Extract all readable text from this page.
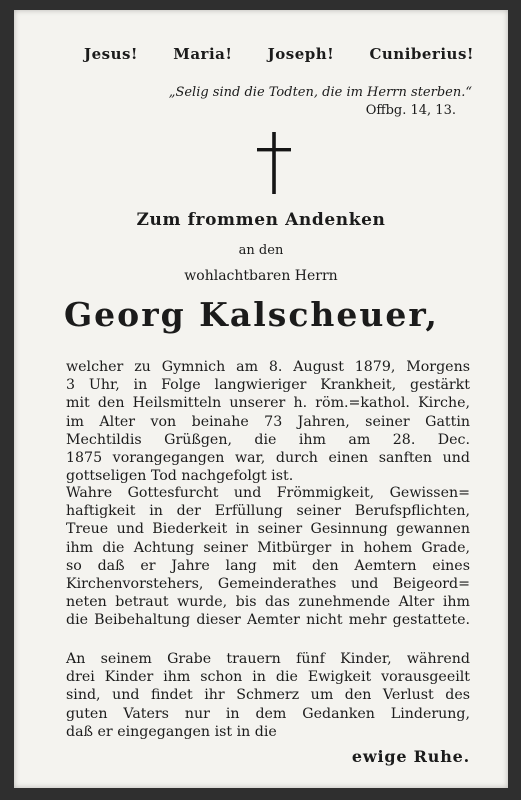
Jesus! Maria! Joseph! Cuniberius!
„Selig sind die Todten, die im Herrn sterben.“
Offbg. 14, 13.
Zum frommen Andenken
an den
wohlachtbaren Herrn
Georg Kalscheuer,
welcher zu Gymnich am 8. August 1879, Morgens
3 Uhr, in Folge langwieriger Krankheit, gestärkt
mit den Heilsmitteln unserer h. röm.=kathol. Kirche,
im Alter von beinahe 73 Jahren, seiner Gattin
Mechtildis Grüßgen, die ihm am 28. Dec.
1875 vorangegangen war, durch einen sanften und
gottseligen Tod nachgefolgt ist.
Wahre Gottesfurcht und Frömmigkeit, Gewissen=
haftigkeit in der Erfüllung seiner Berufspflichten,
Treue und Biederkeit in seiner Gesinnung gewannen
ihm die Achtung seiner Mitbürger in hohem Grade,
so daß er Jahre lang mit den Aemtern eines
Kirchenvorstehers, Gemeinderathes und Beigeord=
neten betraut wurde, bis das zunehmende Alter ihm
die Beibehaltung dieser Aemter nicht mehr gestattete.
An seinem Grabe trauern fünf Kinder, während
drei Kinder ihm schon in die Ewigkeit vorausgeeilt
sind, und findet ihr Schmerz um den Verlust des
guten Vaters nur in dem Gedanken Linderung,
daß er eingegangen ist in die
ewige Ruhe.
